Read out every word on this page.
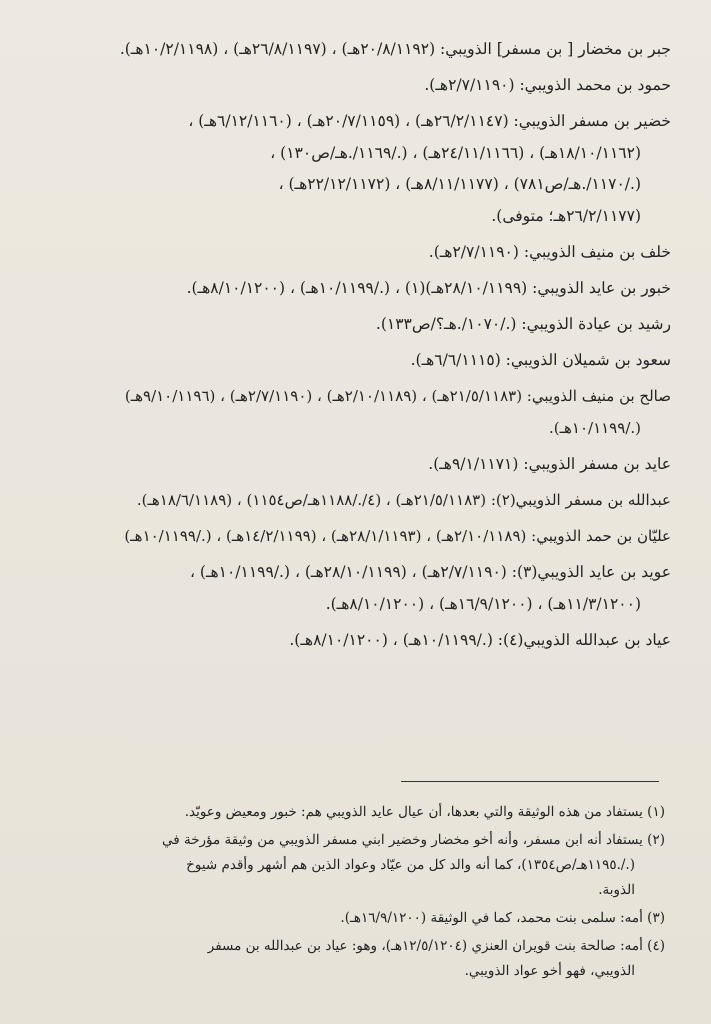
جبر بن مخضار [ بن مسفر] الذويبي: (٢٠/٨/١١٩٢هـ) ، (٢٦/٨/١١٩٧هـ) ، (١٠/٢/١١٩٨هـ).
حمود بن محمد الذويبي: (٢/٧/١١٩٠هـ).
خضير بن مسفر الذويبي: (٢٦/٢/١١٤٧هـ) ، (٢٠/٧/١١٥٩هـ) ، (٦/١٢/١١٦٠هـ) ،
(١٨/١٠/١١٦٢هـ) ، (٢٤/١١/١١٦٦هـ) ، (./١١٦٩/.هـ/ص١٣٠) ،
(./١١٧٠/.هـ/ص٧٨١) ، (٨/١١/١١٧٧هـ) ، (٢٢/١٢/١١٧٢هـ) ،
(٢٦/٢/١١٧٧هـ؛ متوفى).
خلف بن منيف الذويبي: (٢/٧/١١٩٠هـ).
خبور بن عايد الذويبي: (٢٨/١٠/١١٩٩هـ)(١) ، (./١٠/١١٩٩هـ) ، (٨/١٠/١٢٠٠هـ).
رشيد بن عيادة الذويبي: (./١٠٧٠/.هـ؟/ص١٣٣).
سعود بن شميلان الذويبي: (٦/٦/١١١٥هـ).
صالح بن منيف الذويبي: (٢١/٥/١١٨٣هـ) ، (٢/١٠/١١٨٩هـ) ، (٢/٧/١١٩٠هـ) ، (٩/١٠/١١٩٦هـ)
(./١٠/١١٩٩هـ).
عايد بن مسفر الذويبي: (٩/١/١١٧١هـ).
عبدالله بن مسفر الذويبي(٢): (٢١/٥/١١٨٣هـ) ، (٤/./١١٨٨هـ/ص١١٥٤) ، (١٨/٦/١١٨٩هـ).
عليّان بن حمد الذويبي: (٢/١٠/١١٨٩هـ) ، (٢٨/١/١١٩٣هـ) ، (١٤/٢/١١٩٩هـ) ، (./١٠/١١٩٩هـ)
عويد بن عايد الذويبي(٣): (٢/٧/١١٩٠هـ) ، (٢٨/١٠/١١٩٩هـ) ، (./١٠/١١٩٩هـ) ،
(١١/٣/١٢٠٠هـ) ، (١٦/٩/١٢٠٠هـ) ، (٨/١٠/١٢٠٠هـ).
عياد بن عبدالله الذويبي(٤): (./١٠/١١٩٩هـ) ، (٨/١٠/١٢٠٠هـ).
(١) يستفاد من هذه الوثيقة والتي بعدها، أن عيال عايد الذويبي هم: خبور ومعيض وعويّد.
(٢) يستفاد أنه ابن مسفر، وأنه أخو مخضار وخضير ابني مسفر الذويبي من وثيقة مؤرخة في
(./.١١٩٥هـ/ص١٣٥٤)، كما أنه والد كل من عيّاد وعواد الذين هم أشهر وأقدم شيوخ
الذوبة.
(٣) أمه: سلمى بنت محمد، كما في الوثيقة (١٦/٩/١٢٠٠هـ).
(٤) أمه: صالحة بنت قويران العنزي (١٢/٥/١٢٠٤هـ)، وهو: عياد بن عبدالله بن مسفر
الذويبي، فهو أخو عواد الذويبي.
